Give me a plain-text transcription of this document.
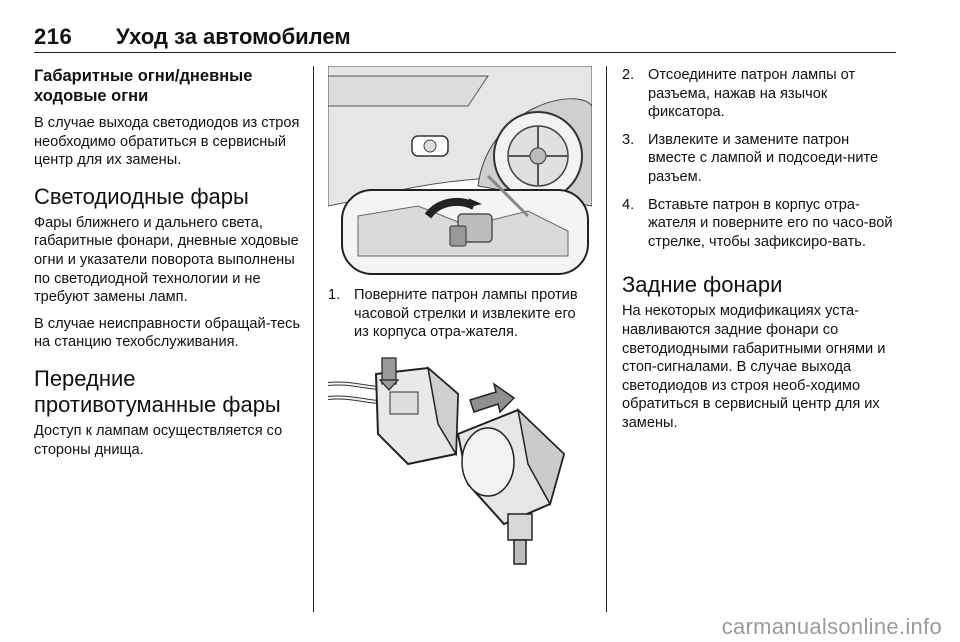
216 Уход за автомобилем
Габаритные огни/дневные ходовые огни

В случае выхода светодиодов из строя необходимо обратиться в сервисный центр для их замены.

Светодиодные фары

Фары ближнего и дальнего света, габаритные фонари, дневные ходовые огни и указатели поворота выполнены по светодиодной технологии и не требуют замены ламп.

В случае неисправности обращай-тесь на станцию техобслуживания.

Передние противотуманные фары

Доступ к лампам осуществляется со стороны днища.

1. Поверните патрон лампы против часовой стрелки и извлеките его из корпуса отра-жателя.
2. Отсоедините патрон лампы от разъема, нажав на язычок фиксатора.
3. Извлеките и замените патрон вместе с лампой и подсоеди-ните разъем.
4. Вставьте патрон в корпус отра-жателя и поверните его по часо-вой стрелке, чтобы зафиксиро-вать.
Задние фонари

На некоторых модификациях уста-навливаются задние фонари со светодиодными габаритными огнями и стоп-сигналами. В случае выхода светодиодов из строя необ-ходимо обратиться в сервисный центр для их замены.

carmanualsonline.info
